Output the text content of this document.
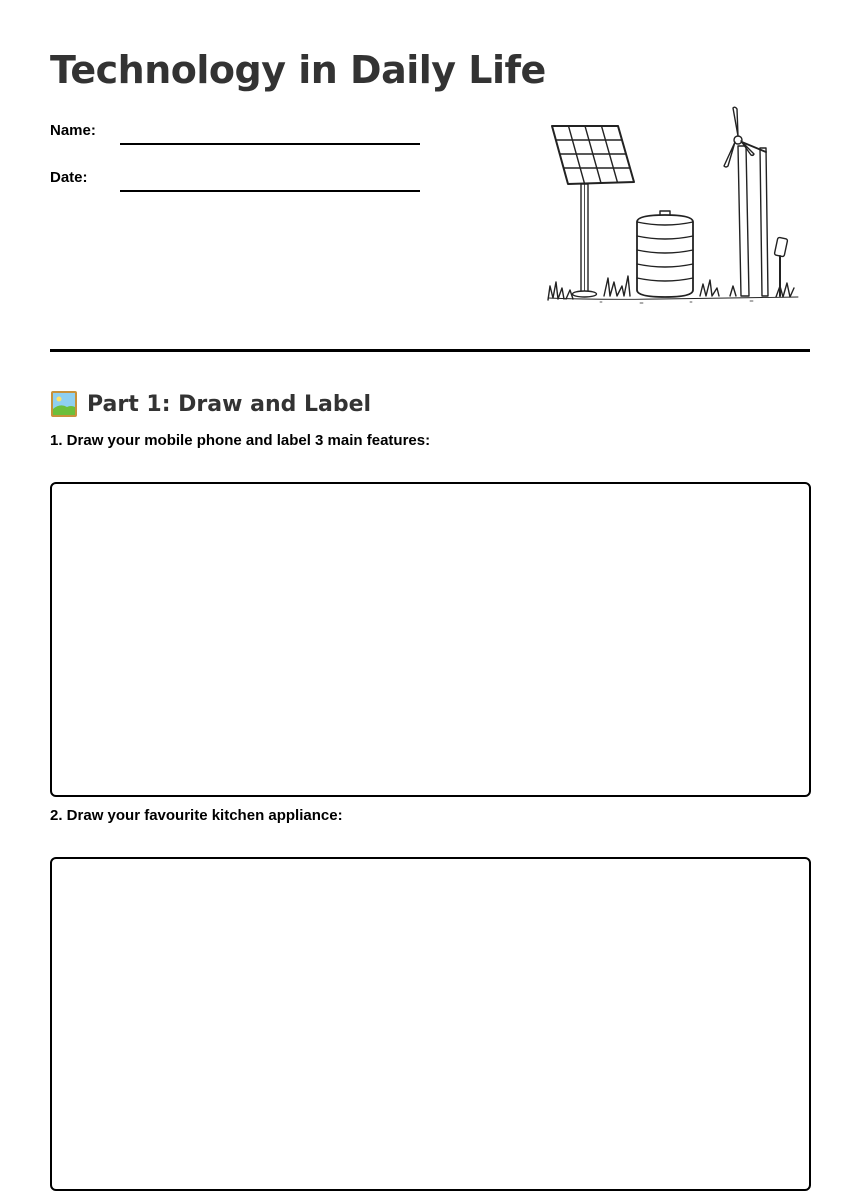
Technology in Daily Life
Name:
Date:
Part 1: Draw and Label

1. Draw your mobile phone and label 3 main features:

2. Draw your favourite kitchen appliance:
